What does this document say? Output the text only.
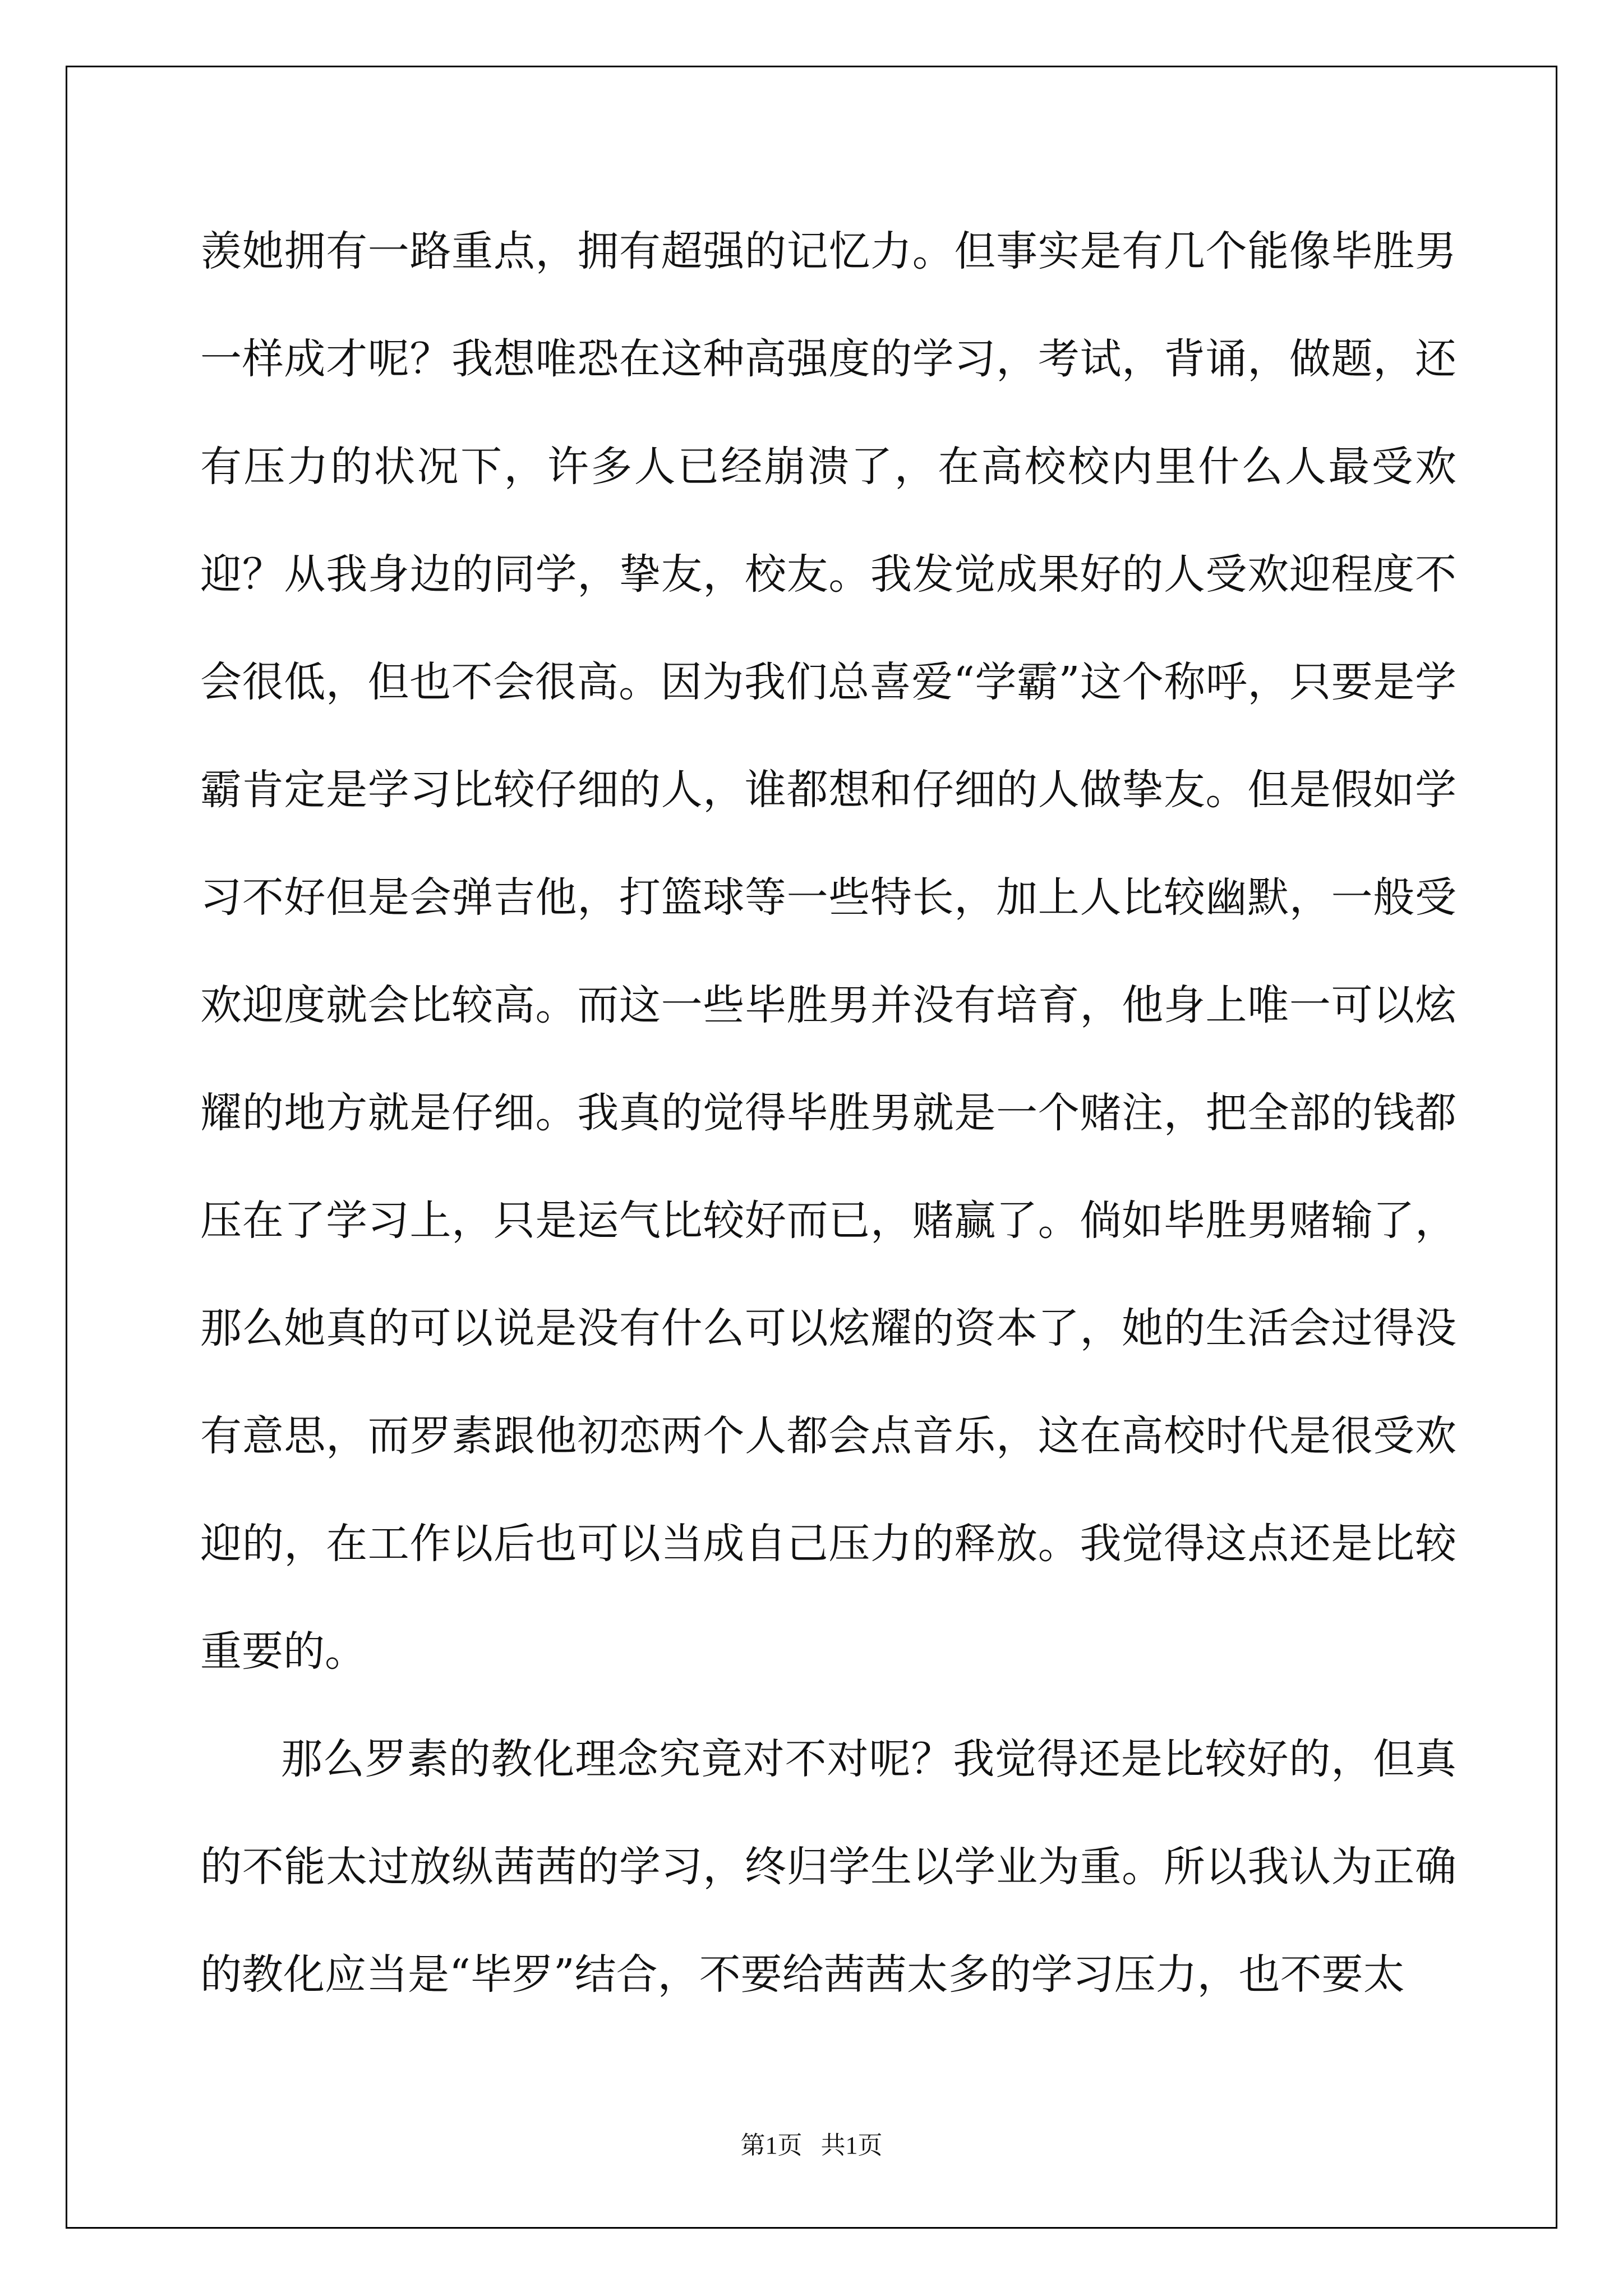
羡她拥有一路重点，拥有超强的记忆力。但事实是有几个能像毕胜男一样成才呢？我想唯恐在这种高强度的学习，考试，背诵，做题，还有压力的状况下，许多人已经崩溃了，在高校校内里什么人最受欢迎？从我身边的同学，挚友，校友。我发觉成果好的人受欢迎程度不会很低，但也不会很高。因为我们总喜爱“学霸”这个称呼，只要是学霸肯定是学习比较仔细的人，谁都想和仔细的人做挚友。但是假如学习不好但是会弹吉他，打篮球等一些特长，加上人比较幽默，一般受欢迎度就会比较高。而这一些毕胜男并没有培育，他身上唯一可以炫耀的地方就是仔细。我真的觉得毕胜男就是一个赌注，把全部的钱都压在了学习上，只是运气比较好而已，赌赢了。倘如毕胜男赌输了，那么她真的可以说是没有什么可以炫耀的资本了，她的生活会过得没有意思，而罗素跟他初恋两个人都会点音乐，这在高校时代是很受欢迎的，在工作以后也可以当成自己压力的释放。我觉得这点还是比较重要的。

那么罗素的教化理念究竟对不对呢？我觉得还是比较好的，但真的不能太过放纵茜茜的学习，终归学生以学业为重。所以我认为正确的教化应当是“毕罗”结合，不要给茜茜太多的学习压力，也不要太

第1页 共1页
